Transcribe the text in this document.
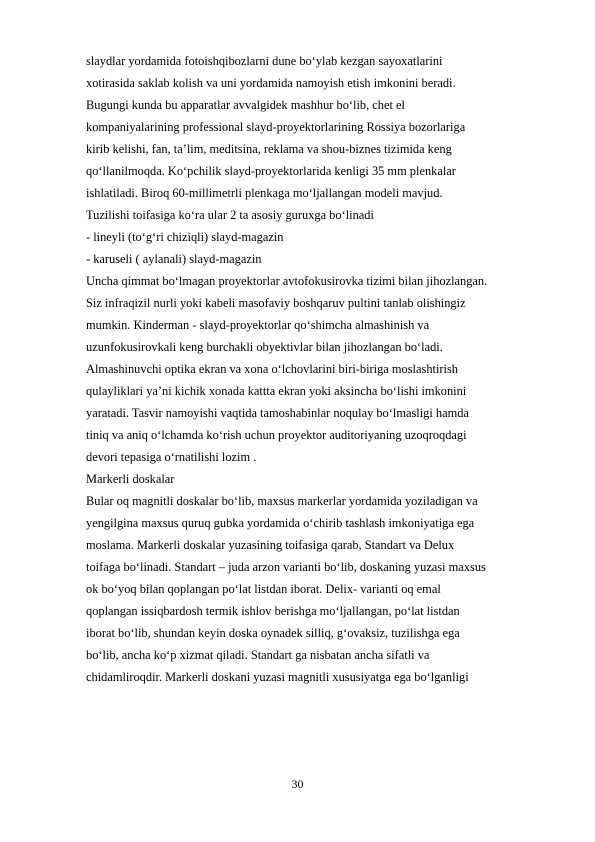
slaydlar yordamida fotoishqibozlarni dune bo‘ylab kezgan sayoxatlarini
xotirasida saklab kolish va uni yordamida namoyish etish imkonini beradi.
Bugungi kunda bu apparatlar avvalgidek mashhur bo‘lib, chet el
kompaniyalarining professional slayd-proyektorlarining Rossiya bozorlariga
kirib kelishi, fan, ta’lim, meditsina, reklama va shou-biznes tizimida keng
qo‘llanilmoqda. Ko‘pchilik slayd-proyektorlarida kenligi 35 mm plenkalar
ishlatiladi. Biroq 60-millimetrli plenkaga mo‘ljallangan modeli mavjud.
Tuzilishi toifasiga ko‘ra ular 2 ta asosiy guruxga bo‘linadi
- lineyli (to‘g‘ri chiziqli) slayd-magazin
- karuseli ( aylanali) slayd-magazin
Uncha qimmat bo‘lmagan proyektorlar avtofokusirovka tizimi bilan jihozlangan.
Siz infraqizil nurli yoki kabeli masofaviy boshqaruv pultini tanlab olishingiz
mumkin. Kinderman - slayd-proyektorlar qo‘shimcha almashinish va
uzunfokusirovkali keng burchakli obyektivlar bilan jihozlangan bo‘ladi.
Almashinuvchi optika ekran va xona o‘lchovlarini biri-biriga moslashtirish
qulayliklari ya’ni kichik xonada kattta ekran yoki aksincha bo‘lishi imkonini
yaratadi. Tasvir namoyishi vaqtida tamoshabinlar noqulay bo‘lmasligi hamda
tiniq va aniq o‘lchamda ko‘rish uchun proyektor auditoriyaning uzoqroqdagi
devori tepasiga o‘rnatilishi lozim .
Markerli doskalar
Bular oq magnitli doskalar bo‘lib, maxsus markerlar yordamida yoziladigan va
yengilgina maxsus quruq gubka yordamida o‘chirib tashlash imkoniyatiga ega
moslama. Markerli doskalar yuzasining toifasiga qarab, Standart va Delux
toifaga bo‘linadi. Standart – juda arzon varianti bo‘lib, doskaning yuzasi maxsus
ok bo‘yoq bilan qoplangan po‘lat listdan iborat. Delix- varianti oq emal
qoplangan issiqbardosh termik ishlov berishga mo‘ljallangan, po‘lat listdan
iborat bo‘lib, shundan keyin doska oynadek silliq, g‘ovaksiz, tuzilishga ega
bo‘lib, ancha ko‘p xizmat qiladi. Standart ga nisbatan ancha sifatli va
chidamliroqdir. Markerli doskani yuzasi magnitli xususiyatga ega bo‘lganligi
30
